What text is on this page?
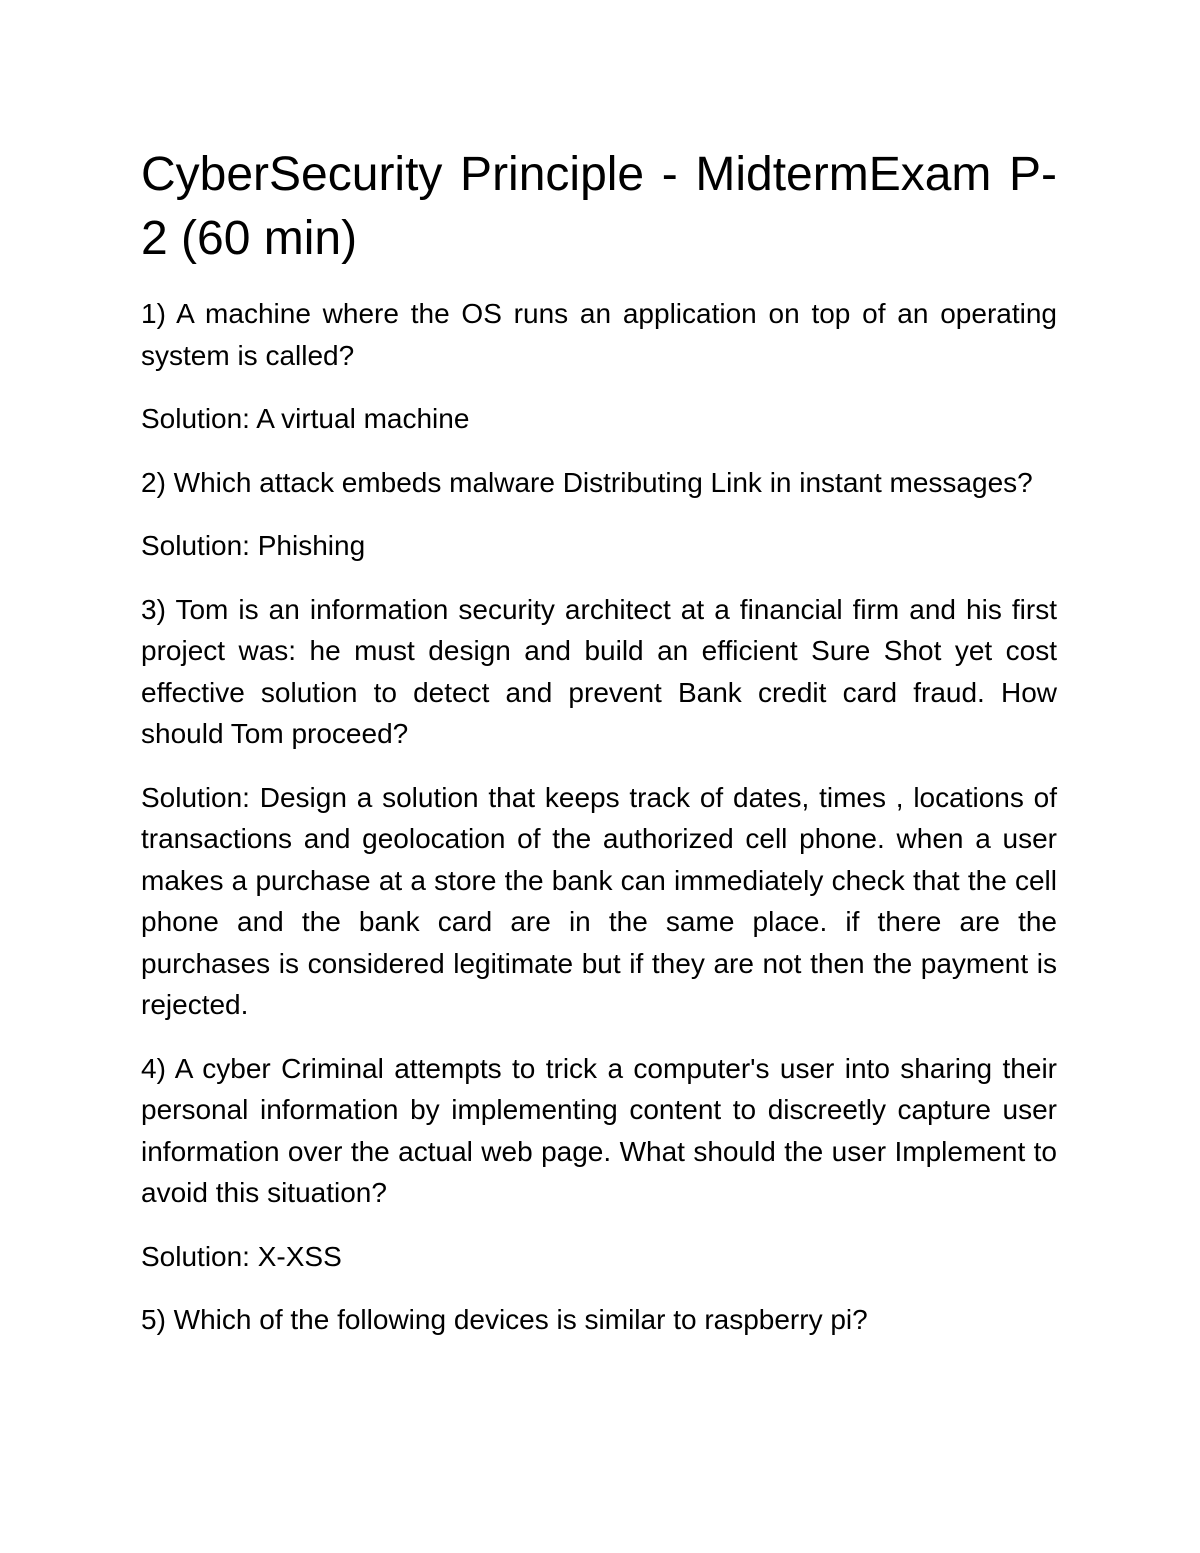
CyberSecurity Principle - MidtermExam P-2 (60 min)

1) A machine where the OS runs an application on top of an operating system is called?

Solution: A virtual machine

2) Which attack embeds malware Distributing Link in instant messages?

Solution: Phishing

3) Tom is an information security architect at a financial firm and his first project was: he must design and build an efficient Sure Shot yet cost effective solution to detect and prevent Bank credit card fraud. How should Tom proceed?

Solution: Design a solution that keeps track of dates, times , locations of transactions and geolocation of the authorized cell phone. when a user makes a purchase at a store the bank can immediately check that the cell phone and the bank card are in the same place. if there are the purchases is considered legitimate but if they are not then the payment is rejected.

4) A cyber Criminal attempts to trick a computer's user into sharing their personal information by implementing content to discreetly capture user information over the actual web page. What should the user Implement to avoid this situation?

Solution: X-XSS

5) Which of the following devices is similar to raspberry pi?
